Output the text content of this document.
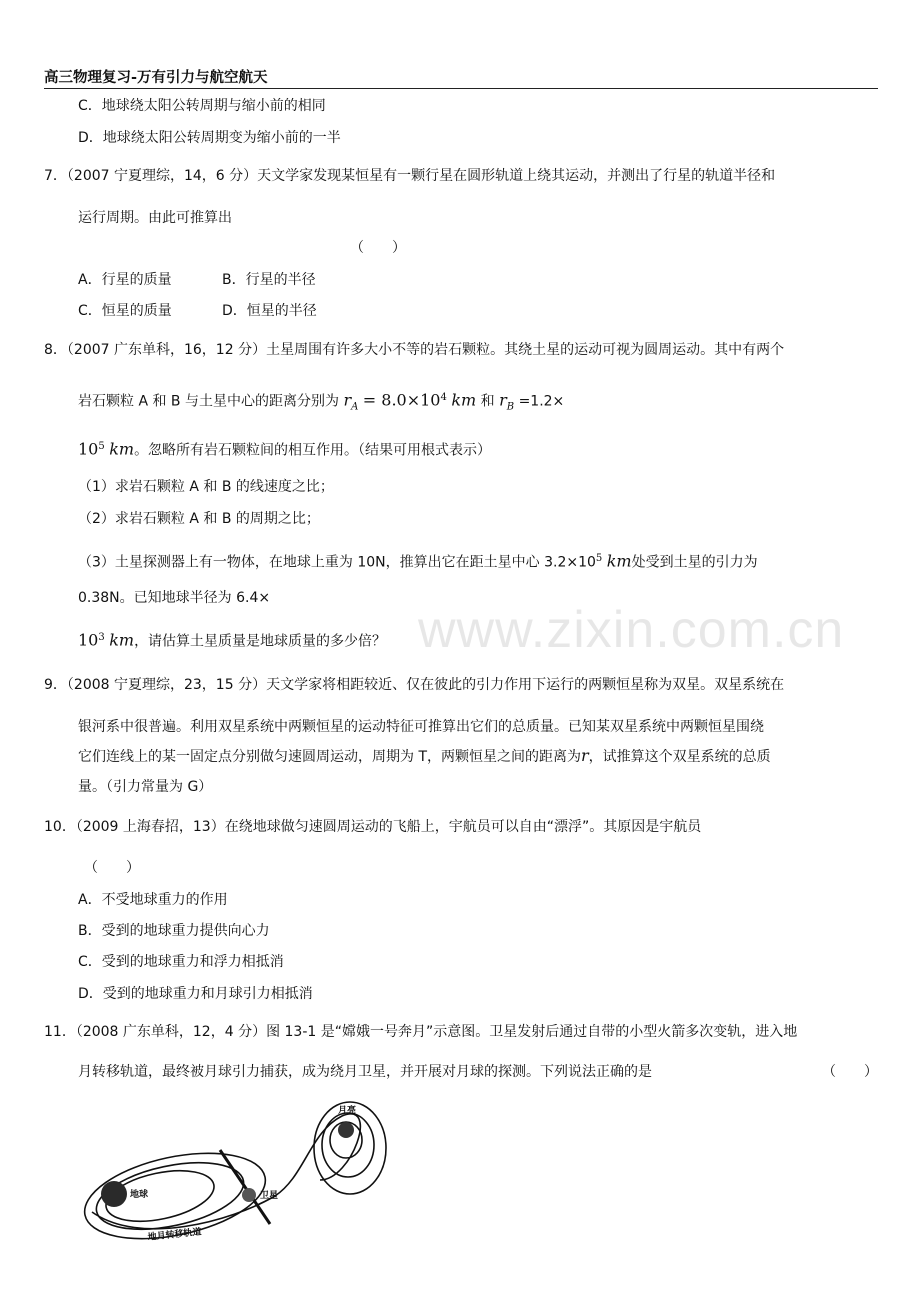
高三物理复习-万有引力与航空航天
www.zixin.com.cn
C．地球绕太阳公转周期与缩小前的相同
D．地球绕太阳公转周期变为缩小前的一半
7．（2007 宁夏理综，14，6 分）天文学家发现某恒星有一颗行星在圆形轨道上绕其运动，并测出了行星的轨道半径和
运行周期。由此可推算出
（　　）
A．行星的质量	B．行星的半径
C．恒星的质量	D．恒星的半径
8．（2007 广东单科，16，12 分）土星周围有许多大小不等的岩石颗粒。其绕土星的运动可视为圆周运动。其中有两个
岩石颗粒 A 和 B 与土星中心的距离分别为 $r_A = 8.0\times 10^4$ km 和 $r_B =1.2\times$
$10^5$ km。忽略所有岩石颗粒间的相互作用。（结果可用根式表示）
（1）求岩石颗粒 A 和 B 的线速度之比；
（2）求岩石颗粒 A 和 B 的周期之比；
（3）土星探测器上有一物体，在地球上重为 10N，推算出它在距土星中心 $3.2\times 10^5$ km处受到土星的引力为
0.38N。已知地球半径为 6.4×
$10^3$ km，请估算土星质量是地球质量的多少倍？
9．（2008 宁夏理综，23，15 分）天文学家将相距较近、仅在彼此的引力作用下运行的两颗恒星称为双星。双星系统在
银河系中很普遍。利用双星系统中两颗恒星的运动特征可推算出它们的总质量。已知某双星系统中两颗恒星围绕
它们连线上的某一固定点分别做匀速圆周运动，周期为 T，两颗恒星之间的距离为r，试推算这个双星系统的总质
量。（引力常量为 G）
10．（2009 上海春招，13）在绕地球做匀速圆周运动的飞船上，宇航员可以自由“漂浮”。其原因是宇航员
（　　）
A．不受地球重力的作用
B．受到的地球重力提供向心力
C．受到的地球重力和浮力相抵消
D．受到的地球重力和月球引力相抵消
11．（2008 广东单科，12，4 分）图 13-1 是“嫦娥一号奔月”示意图。卫星发射后通过自带的小型火箭多次变轨，进入地
月转移轨道，最终被月球引力捕获，成为绕月卫星，并开展对月球的探测。下列说法正确的是	（　　）
地球	卫星
月亮
地月转移轨道
